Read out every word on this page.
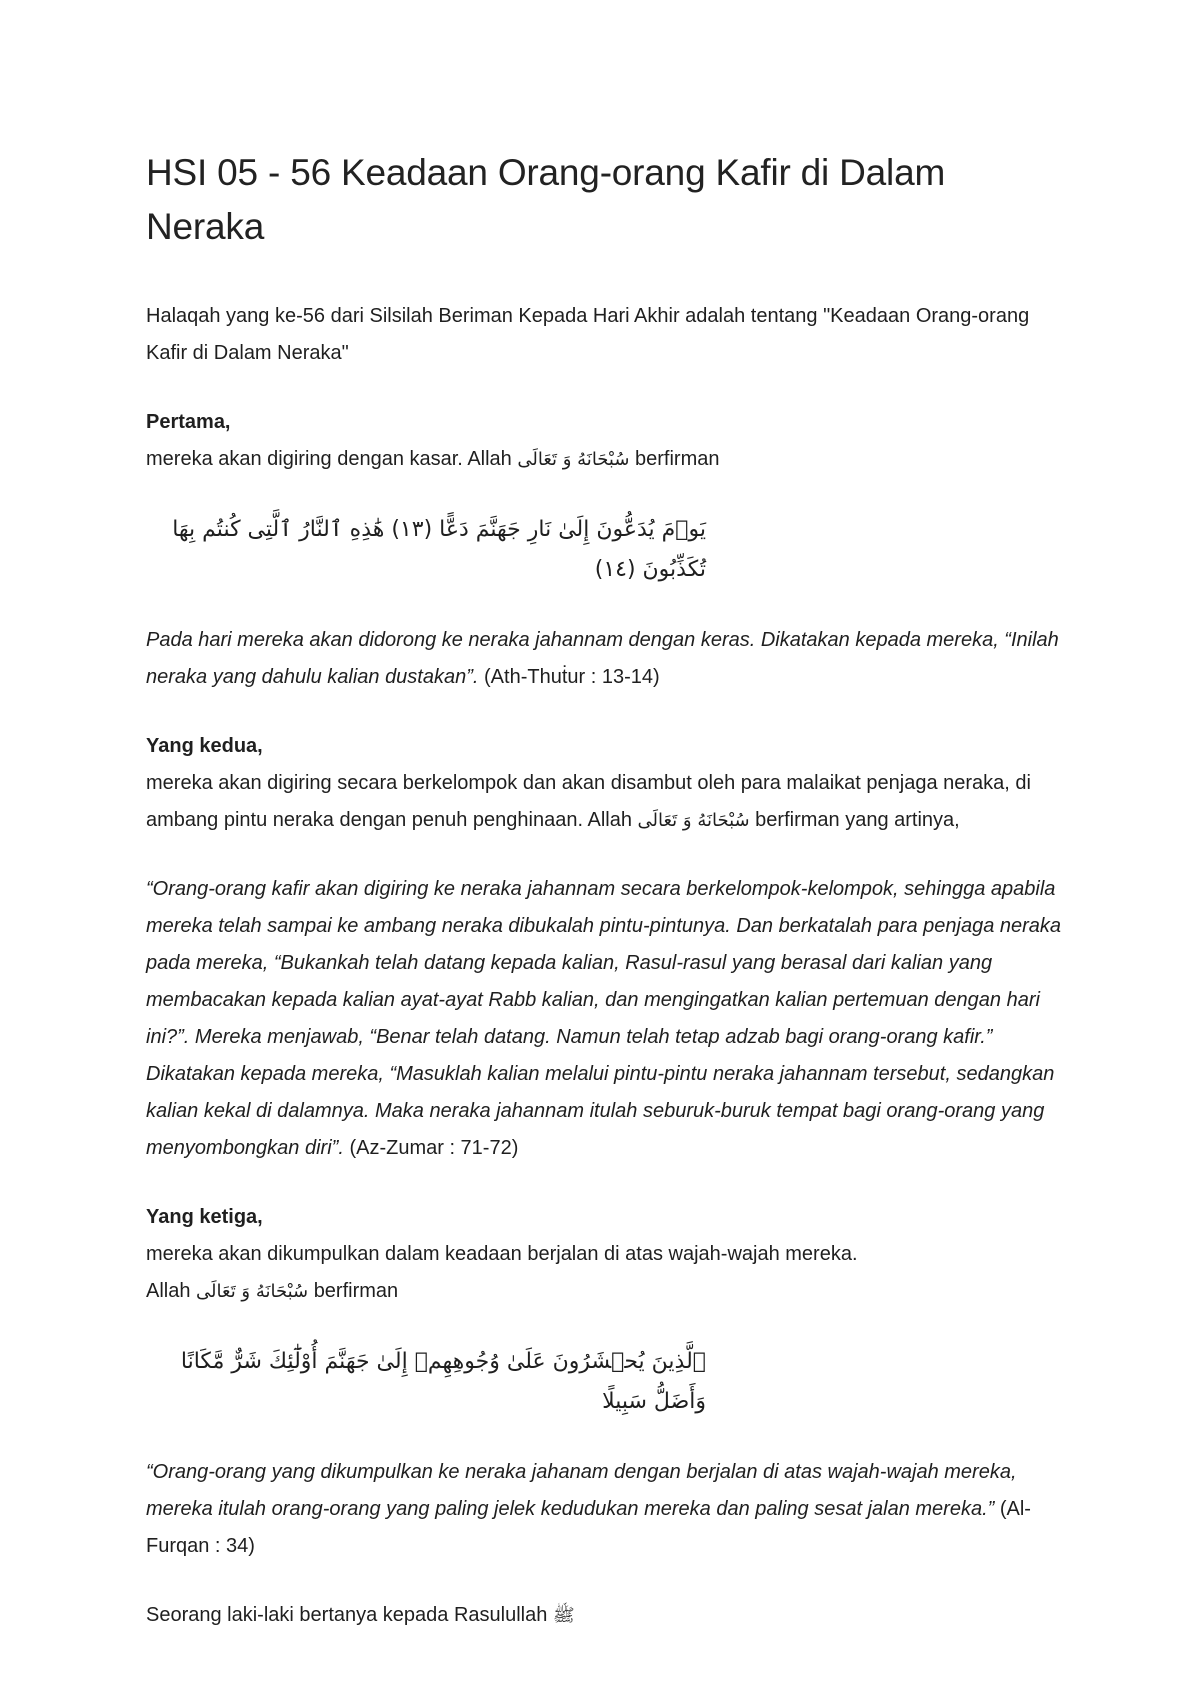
HSI 05 - 56 Keadaan Orang-orang Kafir di Dalam Neraka

Halaqah yang ke-56 dari Silsilah Beriman Kepada Hari Akhir adalah tentang "Keadaan Orang-orang Kafir di Dalam Neraka"

Pertama,

mereka akan digiring dengan kasar. Allah سُبْحَانَهُ وَ تَعَالَى berfirman

يَوۡمَ يُدَعُّونَ إِلَىٰ نَارِ جَهَنَّمَ دَعًّا (١٣) هَٰذِهِ ٱلنَّارُ ٱلَّتِى كُنتُم بِهَا تُكَذِّبُونَ (١٤)

Pada hari mereka akan didorong ke neraka jahannam dengan keras. Dikatakan kepada mereka, “Inilah neraka yang dahulu kalian dustakan”. (Ath-Thuṫur : 13-14)

Yang kedua,

mereka akan digiring secara berkelompok dan akan disambut oleh para malaikat penjaga neraka, di ambang pintu neraka dengan penuh penghinaan. Allah سُبْحَانَهُ وَ تَعَالَى berfirman yang artinya,

“Orang-orang kafir akan digiring ke neraka jahannam secara berkelompok-kelompok, sehingga apabila mereka telah sampai ke ambang neraka dibukalah pintu-pintunya. Dan berkatalah para penjaga neraka pada mereka, “Bukankah telah datang kepada kalian, Rasul-rasul yang berasal dari kalian yang membacakan kepada kalian ayat-ayat Rabb kalian, dan mengingatkan kalian pertemuan dengan hari ini?”. Mereka menjawab, “Benar telah datang. Namun telah tetap adzab bagi orang-orang kafir.” Dikatakan kepada mereka, “Masuklah kalian melalui pintu-pintu neraka jahannam tersebut, sedangkan kalian kekal di dalamnya. Maka neraka jahannam itulah seburuk-buruk tempat bagi orang-orang yang menyombongkan diri”. (Az-Zumar : 71-72)

Yang ketiga,

mereka akan dikumpulkan dalam keadaan berjalan di atas wajah-wajah mereka.

Allah سُبْحَانَهُ وَ تَعَالَى berfirman

ٱلَّذِينَ يُحۡشَرُونَ عَلَىٰ وُجُوهِهِمۡ إِلَىٰ جَهَنَّمَ أُوْلَٰٓئِكَ شَرٌّ مَّكَانًا وَأَضَلُّ سَبِيلًا

“Orang-orang yang dikumpulkan ke neraka jahanam dengan berjalan di atas wajah-wajah mereka, mereka itulah orang-orang yang paling jelek kedudukan mereka dan paling sesat jalan mereka.” (Al-Furqan : 34)

Seorang laki-laki bertanya kepada Rasulullah ﷺ
